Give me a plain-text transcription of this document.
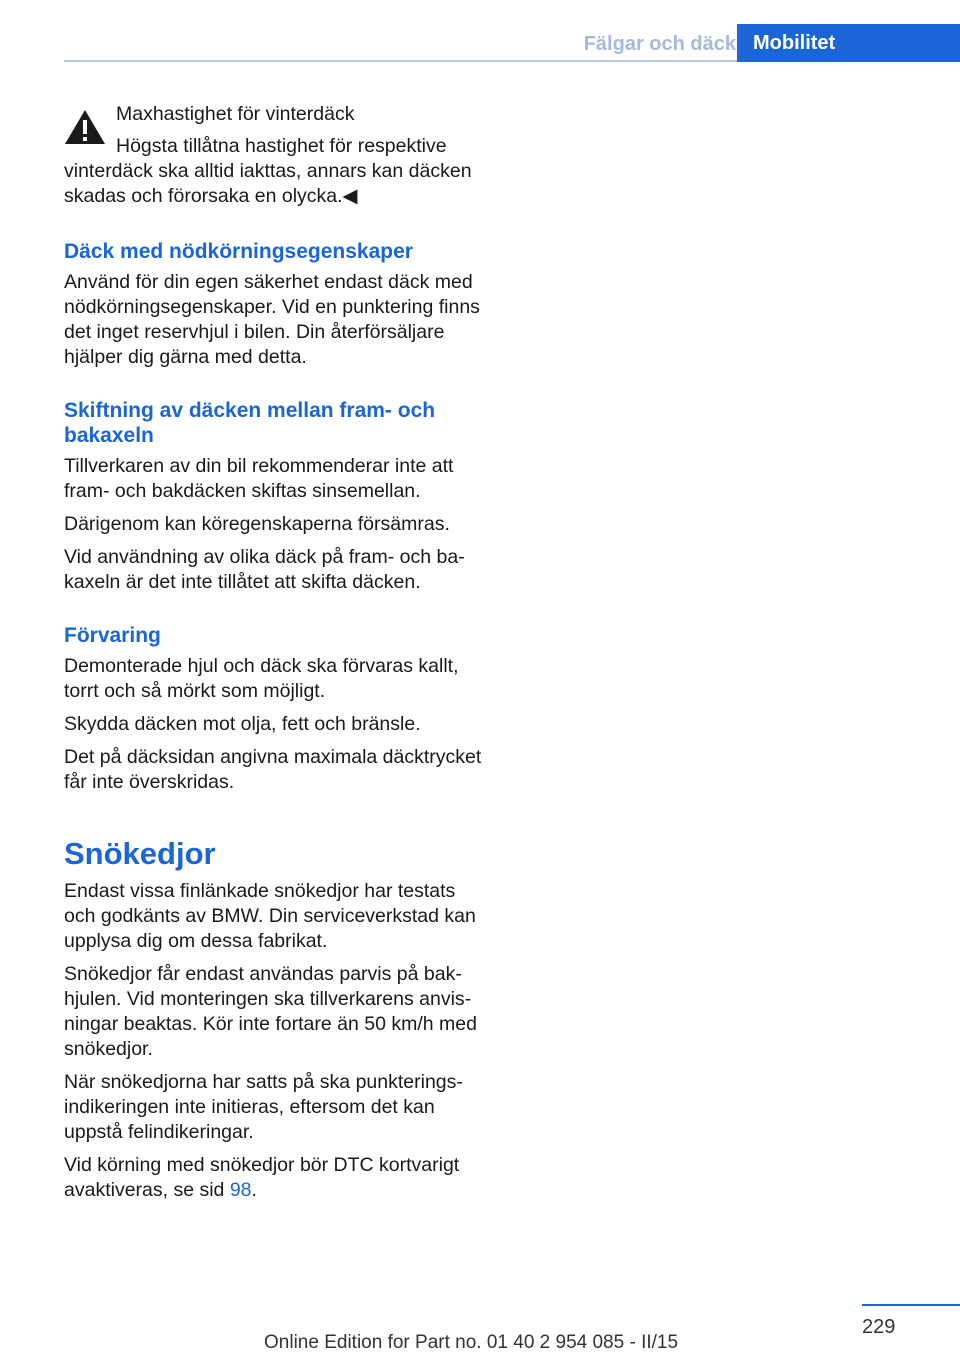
Fälgar och däck Mobilitet
Maxhastighet för vinterdäck
Högsta tillåtna hastighet för respektive
vinterdäck ska alltid iakttas, annars kan däcken skadas och förorsaka en olycka.◀
Däck med nödkörningsegenskaper
Använd för din egen säkerhet endast däck med nödkörningsegenskaper. Vid en punktering finns det inget reservhjul i bilen. Din återförsäljare hjälper dig gärna med detta.
Skiftning av däcken mellan fram- och bakaxeln
Tillverkaren av din bil rekommenderar inte att fram- och bakdäcken skiftas sinsemellan.
Därigenom kan köregenskaperna försämras.
Vid användning av olika däck på fram- och bakaxeln är det inte tillåtet att skifta däcken.
Förvaring
Demonterade hjul och däck ska förvaras kallt, torrt och så mörkt som möjligt.
Skydda däcken mot olja, fett och bränsle.
Det på däcksidan angivna maximala däcktrycket får inte överskridas.
Snökedjor
Endast vissa finlänkade snökedjor har testats och godkänts av BMW. Din serviceverkstad kan upplysa dig om dessa fabrikat.
Snökedjor får endast användas parvis på bakhjulen. Vid monteringen ska tillverkarens anvisningar beaktas. Kör inte fortare än 50 km/h med snökedjor.
När snökedjorna har satts på ska punkteringsindikeringen inte initieras, eftersom det kan uppstå felindikeringar.
Vid körning med snökedjor bör DTC kortvarigt avaktiveras, se sid 98.
229
Online Edition for Part no. 01 40 2 954 085 - II/15
